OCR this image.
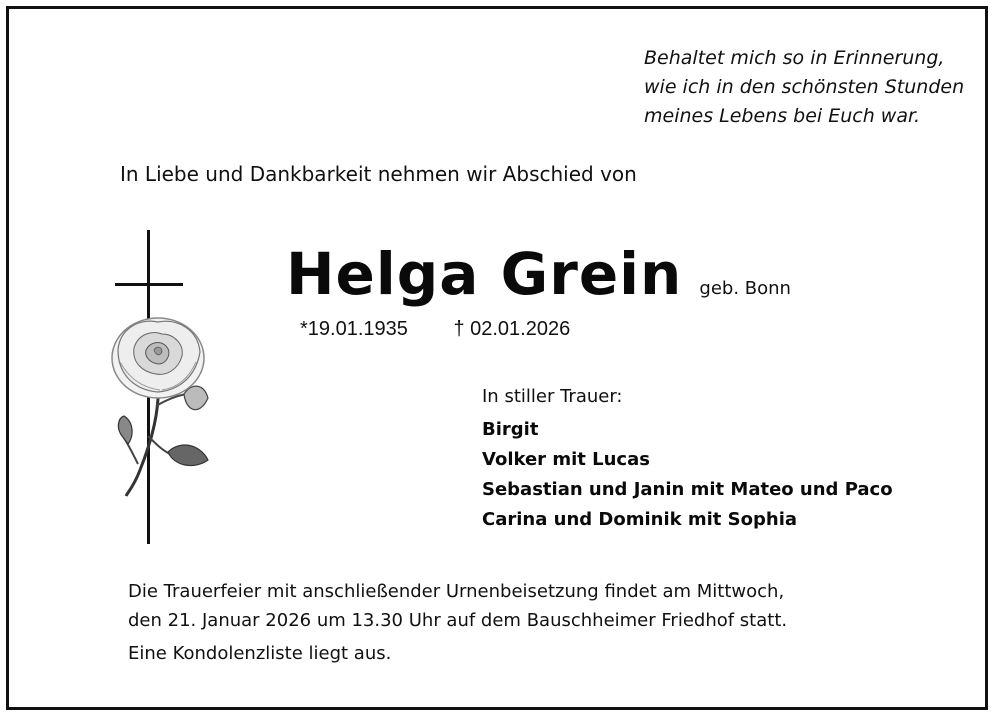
Behaltet mich so in Erinnerung,
wie ich in den schönsten Stunden
meines Lebens bei Euch war.
In Liebe und Dankbarkeit nehmen wir Abschied von
Helga Grein geb. Bonn
*19.01.1935 † 02.01.2026
In stiller Trauer:
Birgit
Volker mit Lucas
Sebastian und Janin mit Mateo und Paco
Carina und Dominik mit Sophia
Die Trauerfeier mit anschließender Urnenbeisetzung findet am Mittwoch,
den 21. Januar 2026 um 13.30 Uhr auf dem Bauschheimer Friedhof statt.
Eine Kondolenzliste liegt aus.
